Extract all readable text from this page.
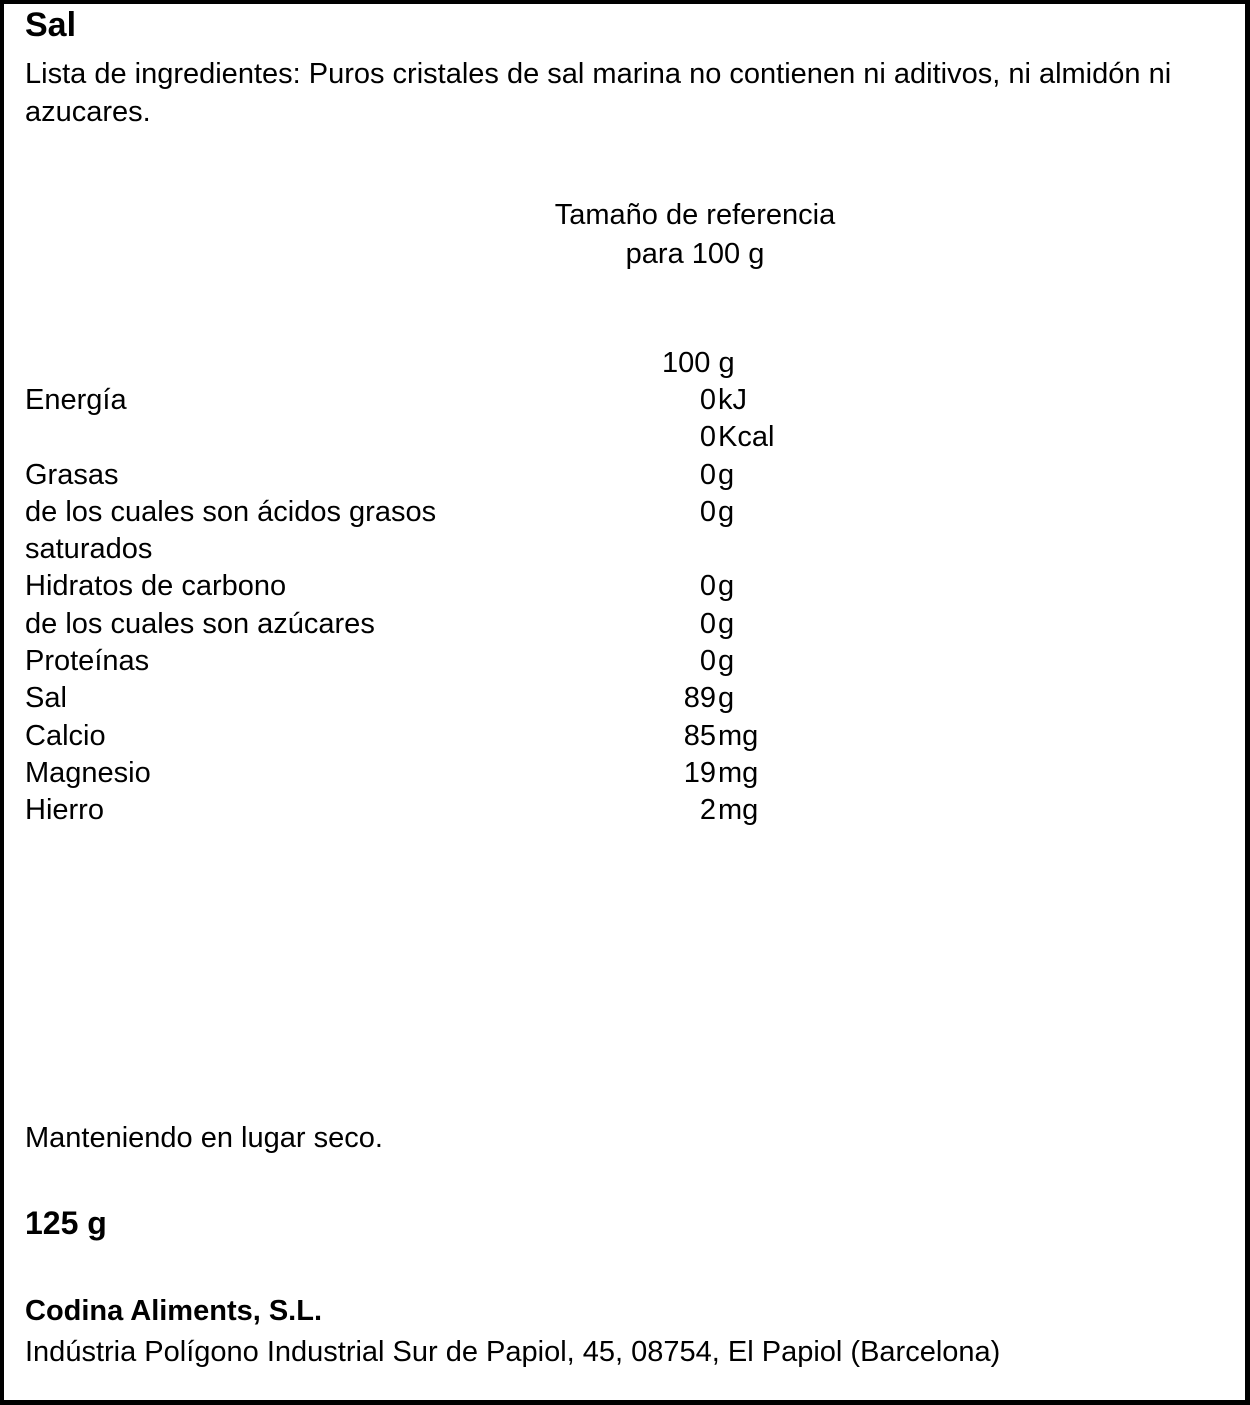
Sal
Lista de ingredientes: Puros cristales de sal marina no contienen ni aditivos, ni almidón ni azucares.
Tamaño de referencia
para 100 g
100 g
Energía	0 kJ
0 Kcal
Grasas	0 g
de los cuales son ácidos grasos	0 g
saturados
Hidratos de carbono	0 g
de los cuales son azúcares	0 g
Proteínas	0 g
Sal	89 g
Calcio	85 mg
Magnesio	19 mg
Hierro	2 mg
Manteniendo en lugar seco.
125 g
Codina Aliments, S.L.
Indústria Polígono Industrial Sur de Papiol, 45, 08754, El Papiol (Barcelona)
